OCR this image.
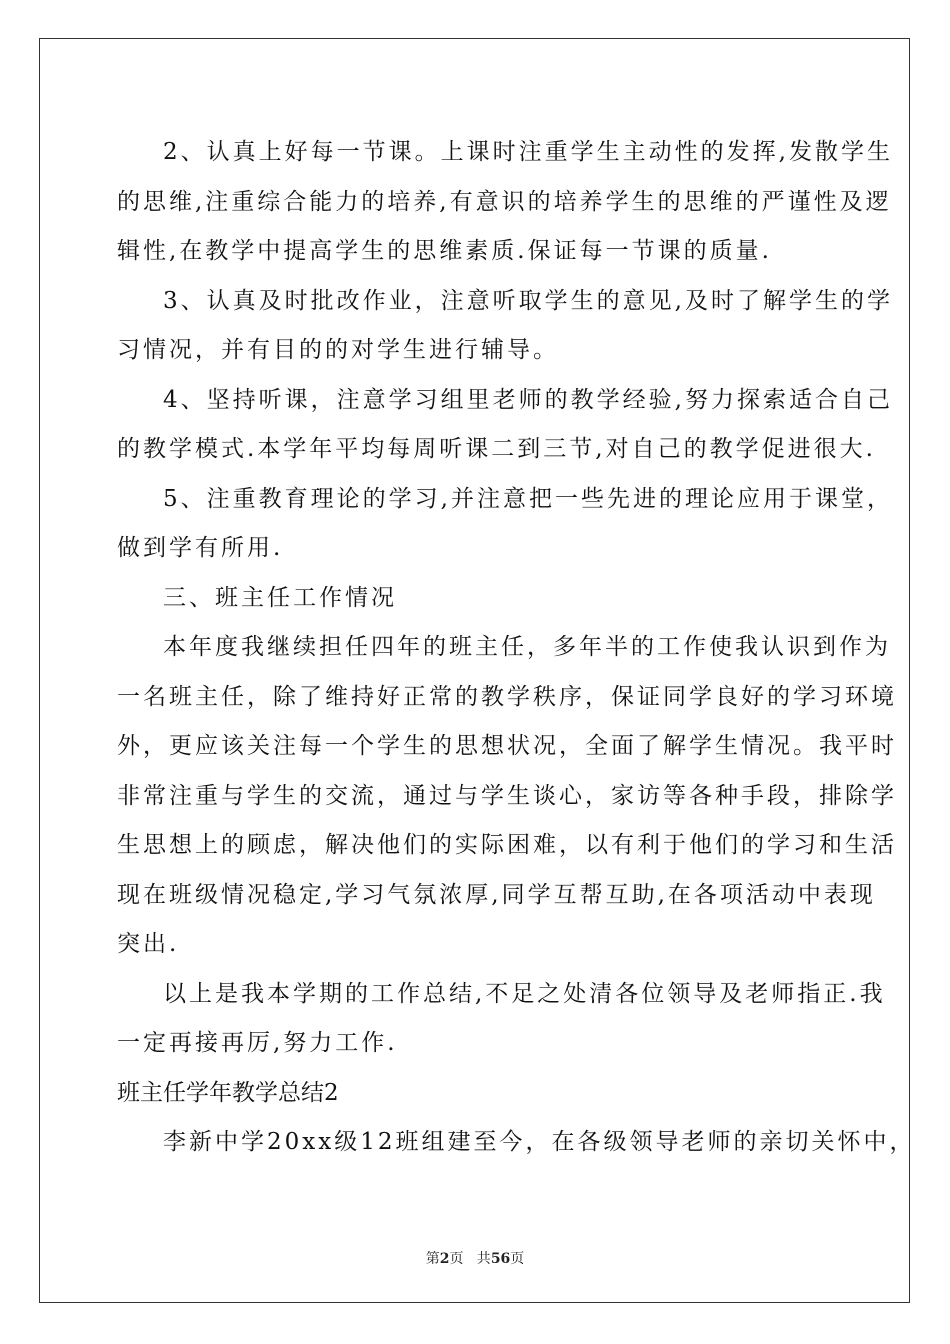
2、认真上好每一节课。上课时注重学生主动性的发挥,发散学生
的思维,注重综合能力的培养,有意识的培养学生的思维的严谨性及逻
辑性,在教学中提高学生的思维素质.保证每一节课的质量.
3、认真及时批改作业，注意听取学生的意见,及时了解学生的学
习情况，并有目的的对学生进行辅导。
4、坚持听课，注意学习组里老师的教学经验,努力探索适合自己
的教学模式.本学年平均每周听课二到三节,对自己的教学促进很大.
5、注重教育理论的学习,并注意把一些先进的理论应用于课堂，
做到学有所用.
三、班主任工作情况
本年度我继续担任四年的班主任，多年半的工作使我认识到作为
一名班主任，除了维持好正常的教学秩序，保证同学良好的学习环境
外，更应该关注每一个学生的思想状况，全面了解学生情况。我平时
非常注重与学生的交流，通过与学生谈心，家访等各种手段，排除学
生思想上的顾虑，解决他们的实际困难，以有利于他们的学习和生活
现在班级情况稳定,学习气氛浓厚,同学互帮互助,在各项活动中表现
突出.
以上是我本学期的工作总结,不足之处清各位领导及老师指正.我
一定再接再厉,努力工作.
班主任学年教学总结2
李新中学20xx级12班组建至今，在各级领导老师的亲切关怀中，
第2页   共56页
